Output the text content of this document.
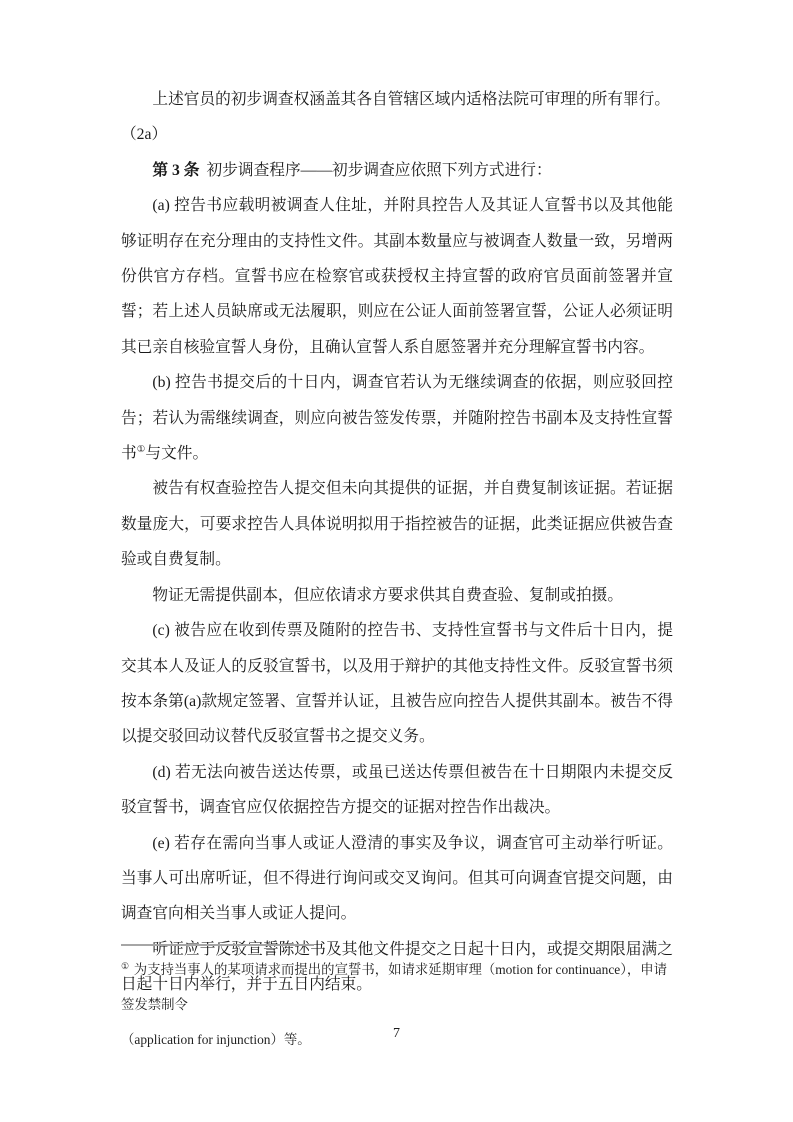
上述官员的初步调查权涵盖其各自管辖区域内适格法院可审理的所有罪行。

（2a）

第 3 条 初步调查程序——初步调查应依照下列方式进行：

(a) 控告书应载明被调查人住址，并附具控告人及其证人宣誓书以及其他能够证明存在充分理由的支持性文件。其副本数量应与被调查人数量一致，另增两份供官方存档。宣誓书应在检察官或获授权主持宣誓的政府官员面前签署并宣誓；若上述人员缺席或无法履职，则应在公证人面前签署宣誓，公证人必须证明其已亲自核验宣誓人身份，且确认宣誓人系自愿签署并充分理解宣誓书内容。

(b) 控告书提交后的十日内，调查官若认为无继续调查的依据，则应驳回控告；若认为需继续调查，则应向被告签发传票，并随附控告书副本及支持性宣誓书①与文件。

被告有权查验控告人提交但未向其提供的证据，并自费复制该证据。若证据数量庞大，可要求控告人具体说明拟用于指控被告的证据，此类证据应供被告查验或自费复制。

物证无需提供副本，但应依请求方要求供其自费查验、复制或拍摄。

(c) 被告应在收到传票及随附的控告书、支持性宣誓书与文件后十日内，提交其本人及证人的反驳宣誓书，以及用于辩护的其他支持性文件。反驳宣誓书须按本条第(a)款规定签署、宣誓并认证，且被告应向控告人提供其副本。被告不得以提交驳回动议替代反驳宣誓书之提交义务。

(d) 若无法向被告送达传票，或虽已送达传票但被告在十日期限内未提交反驳宣誓书，调查官应仅依据控告方提交的证据对控告作出裁决。

(e) 若存在需向当事人或证人澄清的事实及争议，调查官可主动举行听证。当事人可出席听证，但不得进行询问或交叉询问。但其可向调查官提交问题，由调查官向相关当事人或证人提问。

听证应于反驳宣誓陈述书及其他文件提交之日起十日内，或提交期限届满之日起十日内举行，并于五日内结束。

① 为支持当事人的某项请求而提出的宣誓书，如请求延期审理（motion for continuance），申请签发禁制令
（application for injunction）等。	7
